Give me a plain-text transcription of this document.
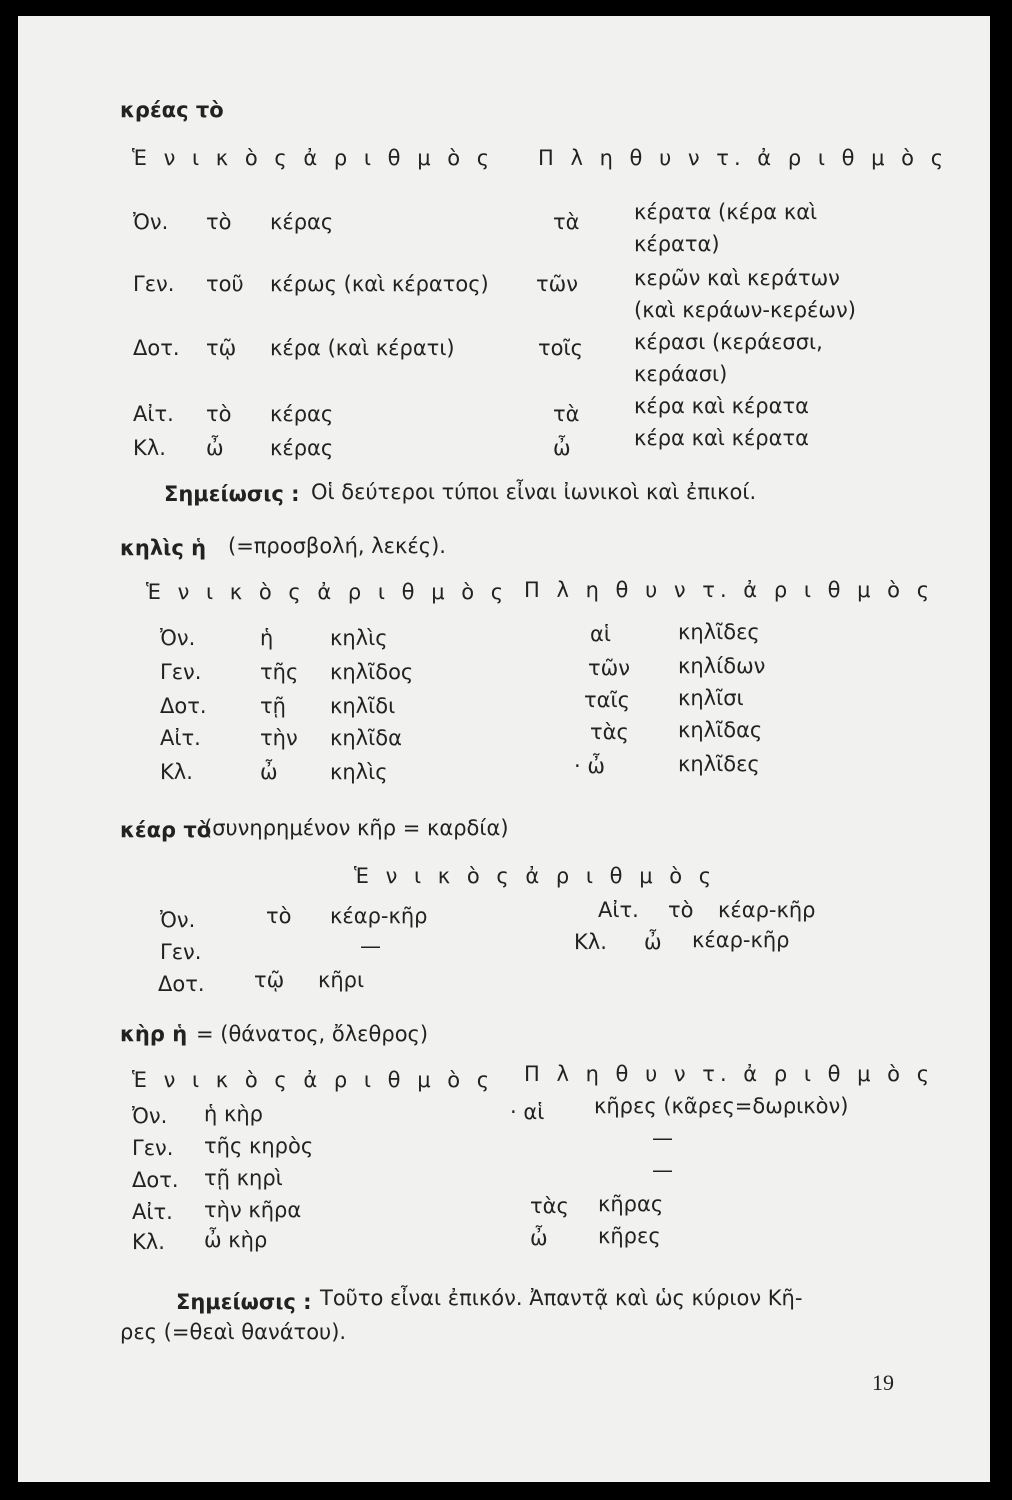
κρέας τὸ
Ἑ ν ι κ ὸ ς ἀ ρ ι θ μ ὸ ς Π λ η θ υ ν τ. ἀ ρ ι θ μ ὸ ς
Ὀν. τὸ κέρας	τὰ	κέρατα (κέρα καὶ
κέρατα)
Γεν. τοῦ κέρως (καὶ κέρατος) τῶν	κερῶν καὶ κεράτων
(καὶ κεράων-κερέων)
Δοτ. τῷ κέρα (καὶ κέρατι)	τοῖς κέρασι (κεράεσσι,
κεράασι)
Αἰτ. τὸ κέρας	τὰ	κέρα καὶ κέρατα
Κλ. ὦ κέρας	ὦ	κέρα καὶ κέρατα
Σημείωσις : Οἱ δεύτεροι τύποι εἶναι ἰωνικοὶ καὶ ἐπικοί.
κηλὶς ἡ (=προσβολή, λεκές).
Ἑ ν ι κ ὸ ς ἀ ρ ι θ μ ὸ ς Π λ η θ υ ν τ. ἀ ρ ι θ μ ὸ ς
Ὀν.	ἡ	κηλὶς	αἱ	κηλῖδες
Γεν.	τῆς κηλῖδος	τῶν κηλίδων
Δοτ.	τῇ κηλῖδι	ταῖς κηλῖσι
Αἰτ.	τὴν κηλῖδα	τὰς κηλῖδας
Κλ.	ὦ κηλὶς	· ὦ	κηλῖδες
κέαρ τὸ
(συνηρημένον κῆρ = καρδία)
Ἑ ν ι κ ὸ ς ἀ ρ ι θ μ ὸ ς
Ὀν.	τὸ κέαρ-κῆρ
Γεν.	—
Δοτ. τῷ κῆρι
Αἰτ. τὸ κέαρ-κῆρ
Κλ. ὦ κέαρ-κῆρ
κὴρ ἡ = (θάνατος, ὄλεθρος)
Ἑ ν ι κ ὸ ς ἀ ρ ι θ μ ὸ ς Π λ η θ υ ν τ. ἀ ρ ι θ μ ὸ ς
Ὀν. ἡ κὴρ	· αἱ κῆρες (κᾶρες=δωρικὸν)
Γεν. τῆς κηρὸς	—
Δοτ. τῇ κηρὶ	—
Αἰτ. τὴν κῆρα	τὰς κῆρας
Κλ. ὦ κὴρ	ὦ κῆρες
Σημείωσις : Τοῦτο εἶναι ἐπικόν. Ἀπαντᾷ καὶ ὡς κύριον Κῆ-
ρες (=θεαὶ θανάτου).
19
